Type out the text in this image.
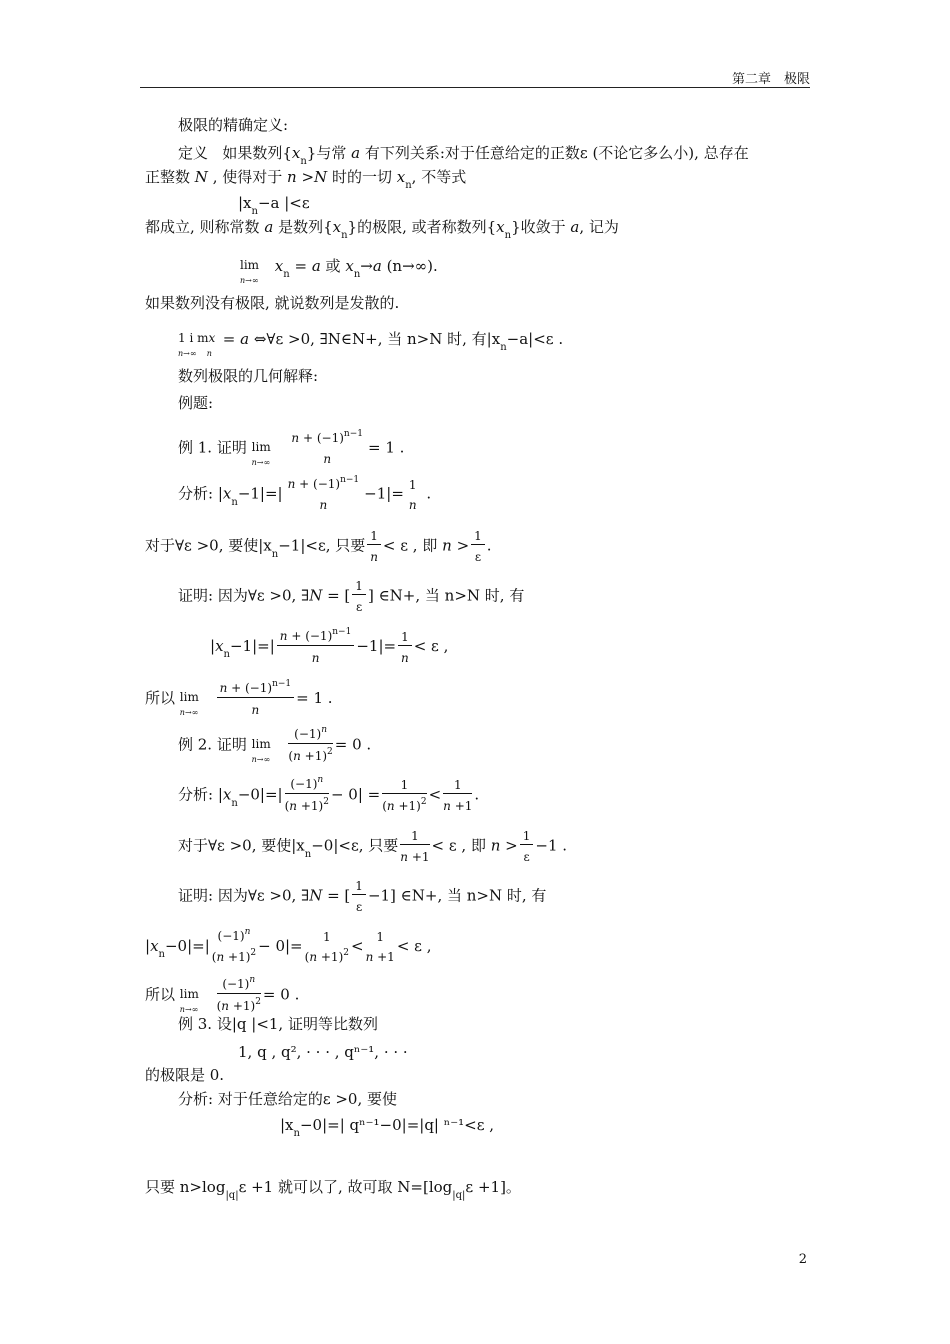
第二章　极限
极限的精确定义:
定义 如果数列$\{x_n\}$与常 a 有下列关系:对于任意给定的正数ε (不论它多么小), 总存在
正整数 N , 使得对于 n >N 时的一切 $x_n$, 不等式
$|x_n-a$ |<ε
都成立, 则称常数 a 是数列$\{x_n\}$的极限, 或者称数列$\{x_n\}$收敛于 a, 记为
lim
n→∞
$x_n = a$ 或 $x_n\to a$ (n→∞).
如果数列没有极限, 就说数列是发散的.
1 i mx
n→∞    n
= a ⇔∀ε >0, ∃N∈N+, 当 n>N 时, 有$|x_n-a|<\varepsilon$ .
数列极限的几何解释:
例题:
例 1. 证明 lim
n→∞

$n + (-1)^{n-1}$
n
= 1 .
分析: $|x_n-1|=|$
$n + (-1)^{n-1}$
n
−1|= 1
n
.
对于∀ε >0, 要使$|x_n-1|<\varepsilon$, 只要 $\frac{1}{n} < \varepsilon$ , 即 $n > \frac{1}{\varepsilon}$ .
证明: 因为∀ε >0, ∃N = [ $\frac{1}{\varepsilon}$ ] ∈N+, 当 n>N 时, 有
$|x_n-1|=| \frac{n + (-1)^{n-1}}{n} -1|= \frac{1}{n} < \varepsilon$ ,
所以 lim
n→∞
$\frac{n + (-1)^{n-1}}{n} = 1$ .
例 2. 证明 lim
n→∞
$\frac{(-1)^n}{(n +1)^2} = 0$ .
分析: $|x_n-0|=| \frac{(-1)^n}{(n +1)^2} - 0| = \frac{1}{(n +1)^2} < \frac{1}{n +1}$ .
对于∀ε >0, 要使$|x_n-0|<\varepsilon$, 只要 $\frac{1}{n +1} < \varepsilon$ , 即 $n > \frac{1}{\varepsilon} -1$ .
证明: 因为∀ε >0, ∃N = [ $\frac{1}{\varepsilon} -1$] ∈N+, 当 n>N 时, 有
$|x_n-0|=|$
$(-1)^n$
$(n +1)^2 - 0|=$
1
$(n +1)^2$ <	1
n +1
< ε ,
所以 lim
n→∞
$\frac{(-1)^n}{(n +1)^2} = 0$ .
例 3. 设|q |<1, 证明等比数列
1, q , q², · · · , qⁿ⁻¹, · · ·
的极限是 0.
分析: 对于任意给定的ε >0, 要使
$|x_n-0|=|$ qⁿ⁻¹−0|=|q| ⁿ⁻¹<ε ,
只要 $n>\log_{|q|}\varepsilon +1$ 就可以了, 故可取 $N=[\log_{|q|}\varepsilon +1]$。
2
